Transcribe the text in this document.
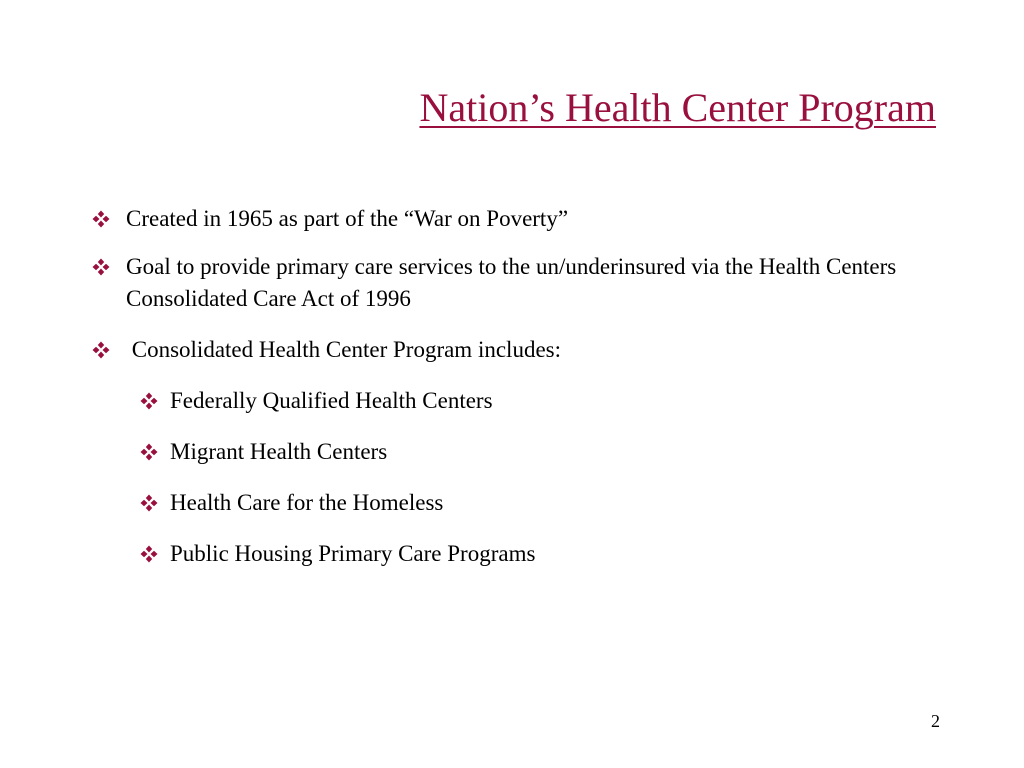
Nation’s Health Center Program
Created in 1965 as part of the “War on Poverty”
Goal to provide primary care services to the un/underinsured via the Health Centers Consolidated Care Act of 1996
Consolidated Health Center Program includes:
Federally Qualified Health Centers
Migrant Health Centers
Health Care for the Homeless
Public Housing Primary Care Programs
2
